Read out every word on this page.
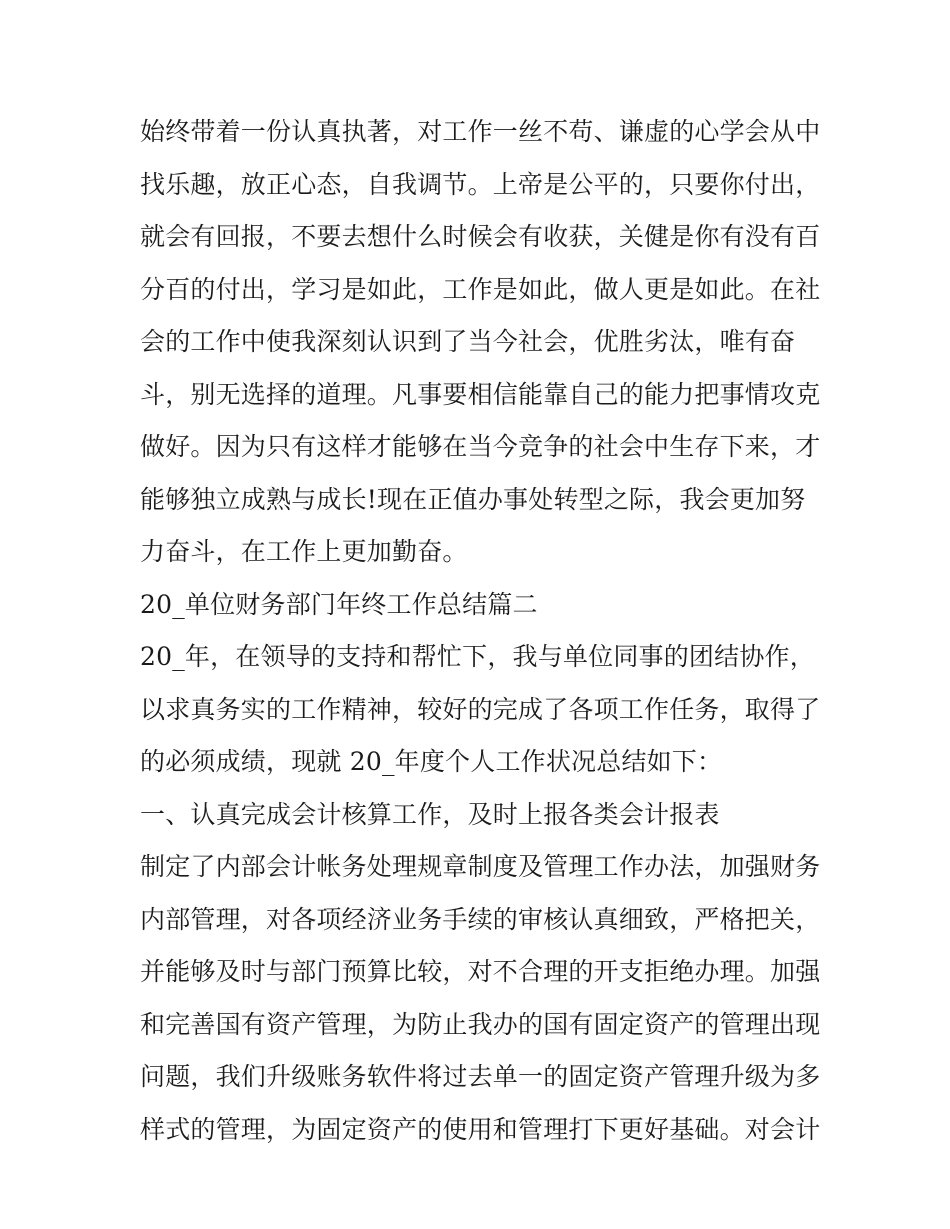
始终带着一份认真执著，对工作一丝不苟、谦虚的心学会从中
找乐趣，放正心态，自我调节。上帝是公平的，只要你付出，
就会有回报，不要去想什么时候会有收获，关健是你有没有百
分百的付出，学习是如此，工作是如此，做人更是如此。在社
会的工作中使我深刻认识到了当今社会，优胜劣汰，唯有奋
斗，别无选择的道理。凡事要相信能靠自己的能力把事情攻克
做好。因为只有这样才能够在当今竞争的社会中生存下来，才
能够独立成熟与成长!现在正值办事处转型之际，我会更加努
力奋斗，在工作上更加勤奋。
20_单位财务部门年终工作总结篇二
20_年，在领导的支持和帮忙下，我与单位同事的团结协作，
以求真务实的工作精神，较好的完成了各项工作任务，取得了
的必须成绩，现就 20_年度个人工作状况总结如下：
一、认真完成会计核算工作，及时上报各类会计报表
制定了内部会计帐务处理规章制度及管理工作办法，加强财务
内部管理，对各项经济业务手续的审核认真细致，严格把关，
并能够及时与部门预算比较，对不合理的开支拒绝办理。加强
和完善国有资产管理，为防止我办的国有固定资产的管理出现
问题，我们升级账务软件将过去单一的固定资产管理升级为多
样式的管理，为固定资产的使用和管理打下更好基础。对会计
